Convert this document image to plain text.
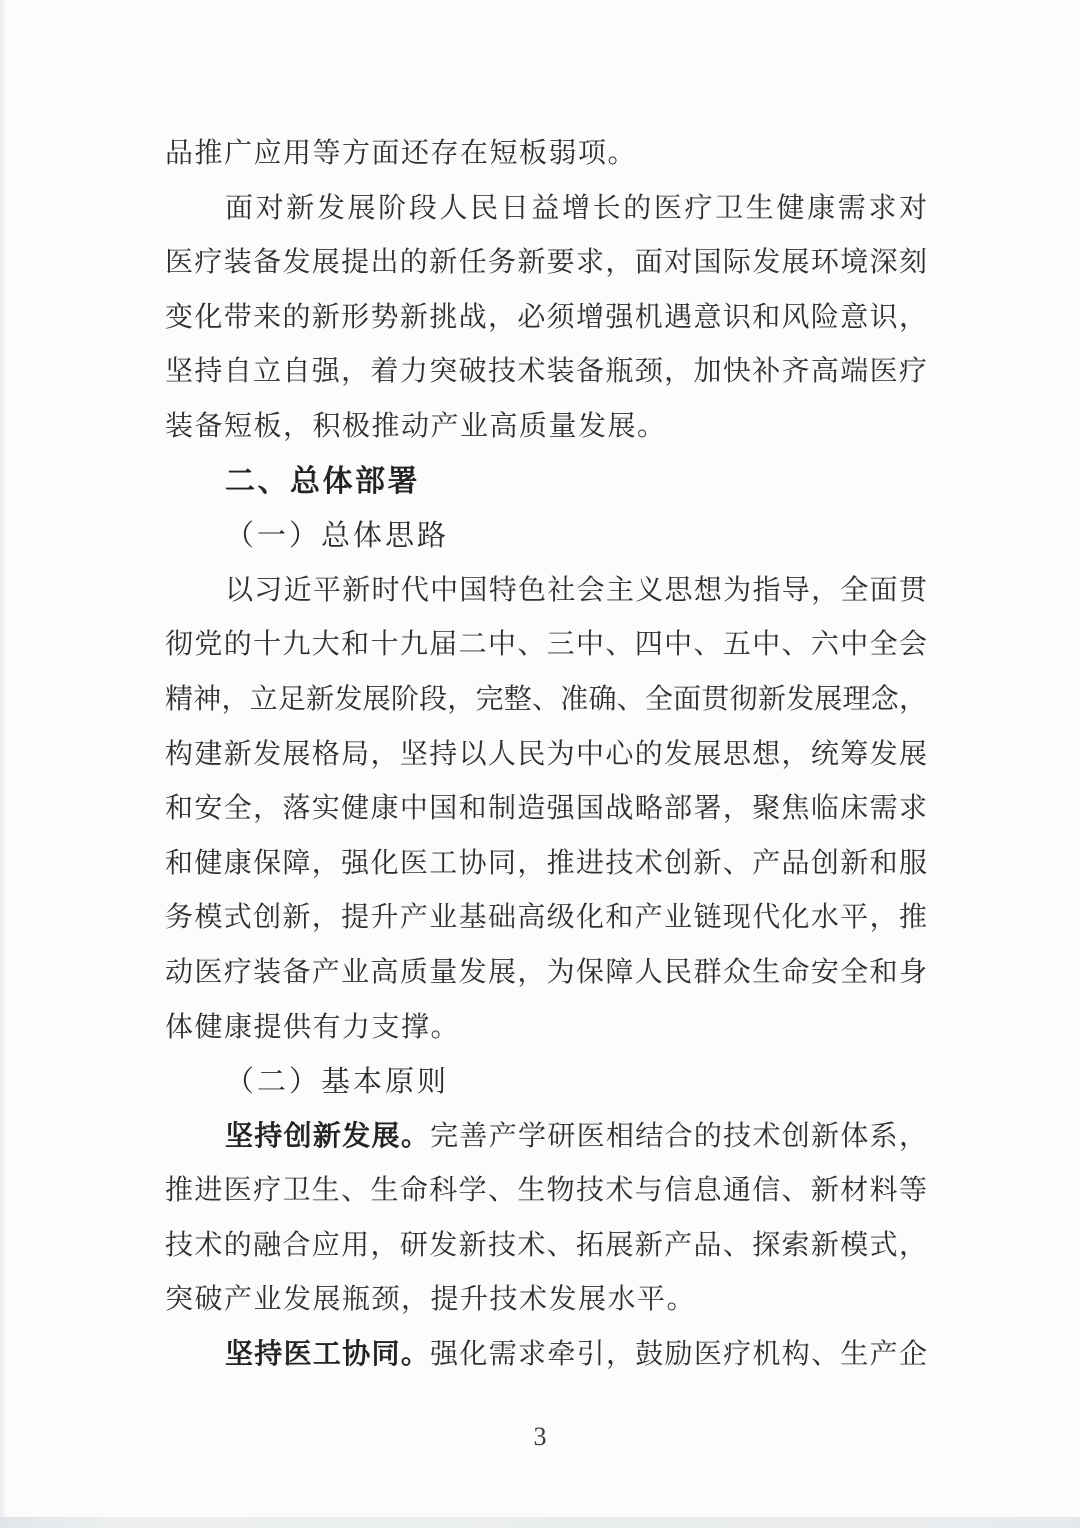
品推广应用等方面还存在短板弱项。
面对新发展阶段人民日益增长的医疗卫生健康需求对
医疗装备发展提出的新任务新要求，面对国际发展环境深刻
变化带来的新形势新挑战，必须增强机遇意识和风险意识，
坚持自立自强，着力突破技术装备瓶颈，加快补齐高端医疗
装备短板，积极推动产业高质量发展。
二、总体部署
（一）总体思路
以习近平新时代中国特色社会主义思想为指导，全面贯
彻党的十九大和十九届二中、三中、四中、五中、六中全会
精神，立足新发展阶段，完整、准确、全面贯彻新发展理念，
构建新发展格局，坚持以人民为中心的发展思想，统筹发展
和安全，落实健康中国和制造强国战略部署，聚焦临床需求
和健康保障，强化医工协同，推进技术创新、产品创新和服
务模式创新，提升产业基础高级化和产业链现代化水平，推
动医疗装备产业高质量发展，为保障人民群众生命安全和身
体健康提供有力支撑。
（二）基本原则
坚持创新发展。完善产学研医相结合的技术创新体系，
推进医疗卫生、生命科学、生物技术与信息通信、新材料等
技术的融合应用，研发新技术、拓展新产品、探索新模式，
突破产业发展瓶颈，提升技术发展水平。
坚持医工协同。强化需求牵引，鼓励医疗机构、生产企
3
